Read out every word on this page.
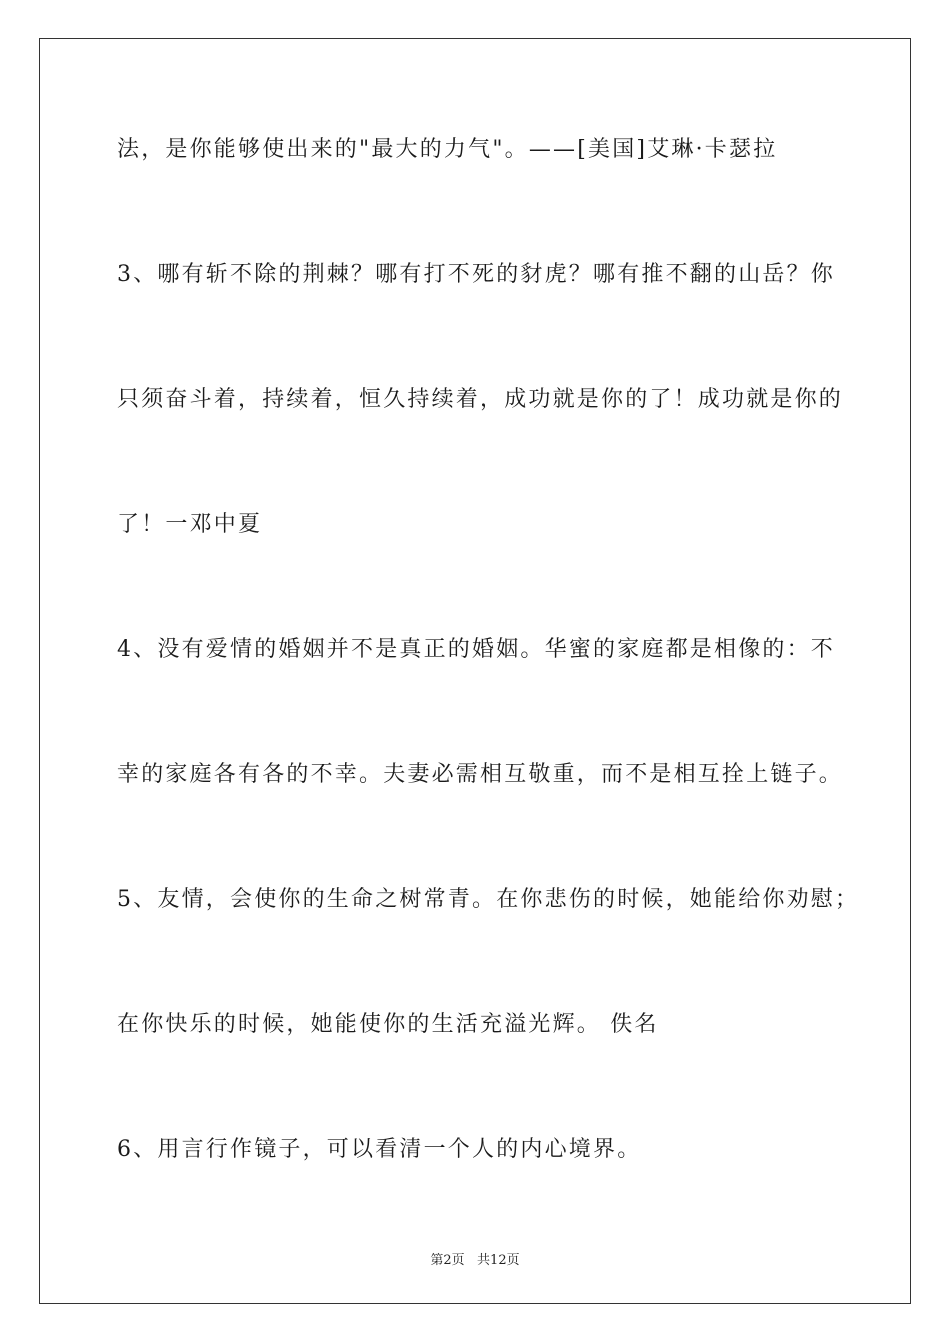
法，是你能够使出来的"最大的力气"。——[美国]艾琳·卡瑟拉
3、哪有斩不除的荆棘？哪有打不死的豺虎？哪有推不翻的山岳？你
只须奋斗着，持续着，恒久持续着，成功就是你的了！成功就是你的
了！一邓中夏
4、没有爱情的婚姻并不是真正的婚姻。华蜜的家庭都是相像的：不
幸的家庭各有各的不幸。夫妻必需相互敬重，而不是相互拴上链子。
5、友情，会使你的生命之树常青。在你悲伤的时候，她能给你劝慰；
在你快乐的时候，她能使你的生活充溢光辉。 佚名
6、用言行作镜子，可以看清一个人的内心境界。
第2页   共12页
